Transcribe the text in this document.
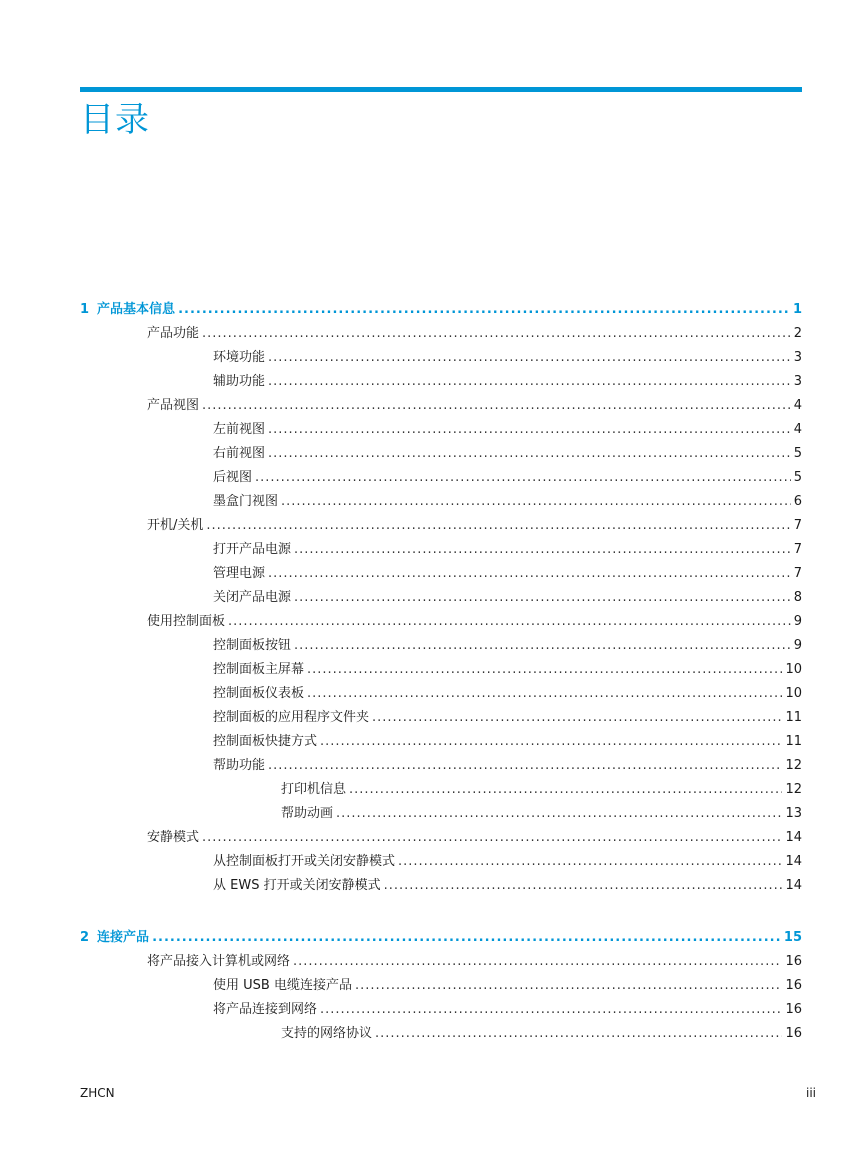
目录
1 产品基本信息 .....	1
产品功能 .....	2
环境功能 .....	3
辅助功能 .....	3
产品视图 .....	4
左前视图 .....	4
右前视图 .....	5
后视图 .....	5
墨盒门视图 .....	6
开机/关机 .....	7
打开产品电源 .....	7
管理电源 .....	7
关闭产品电源 .....	8
使用控制面板 .....	9
控制面板按钮 .....	9
控制面板主屏幕 .....	10
控制面板仪表板 .....	10
控制面板的应用程序文件夹 .....	11
控制面板快捷方式 .....	11
帮助功能 .....	12
打印机信息 .....	12
帮助动画 .....	13
安静模式 .....	14
从控制面板打开或关闭安静模式 .....	14
从 EWS 打开或关闭安静模式 .....	14
2 连接产品 .....	15
将产品接入计算机或网络 .....	16
使用 USB 电缆连接产品 .....	16
将产品连接到网络 .....	16
支持的网络协议 .....	16
ZHCN	iii
